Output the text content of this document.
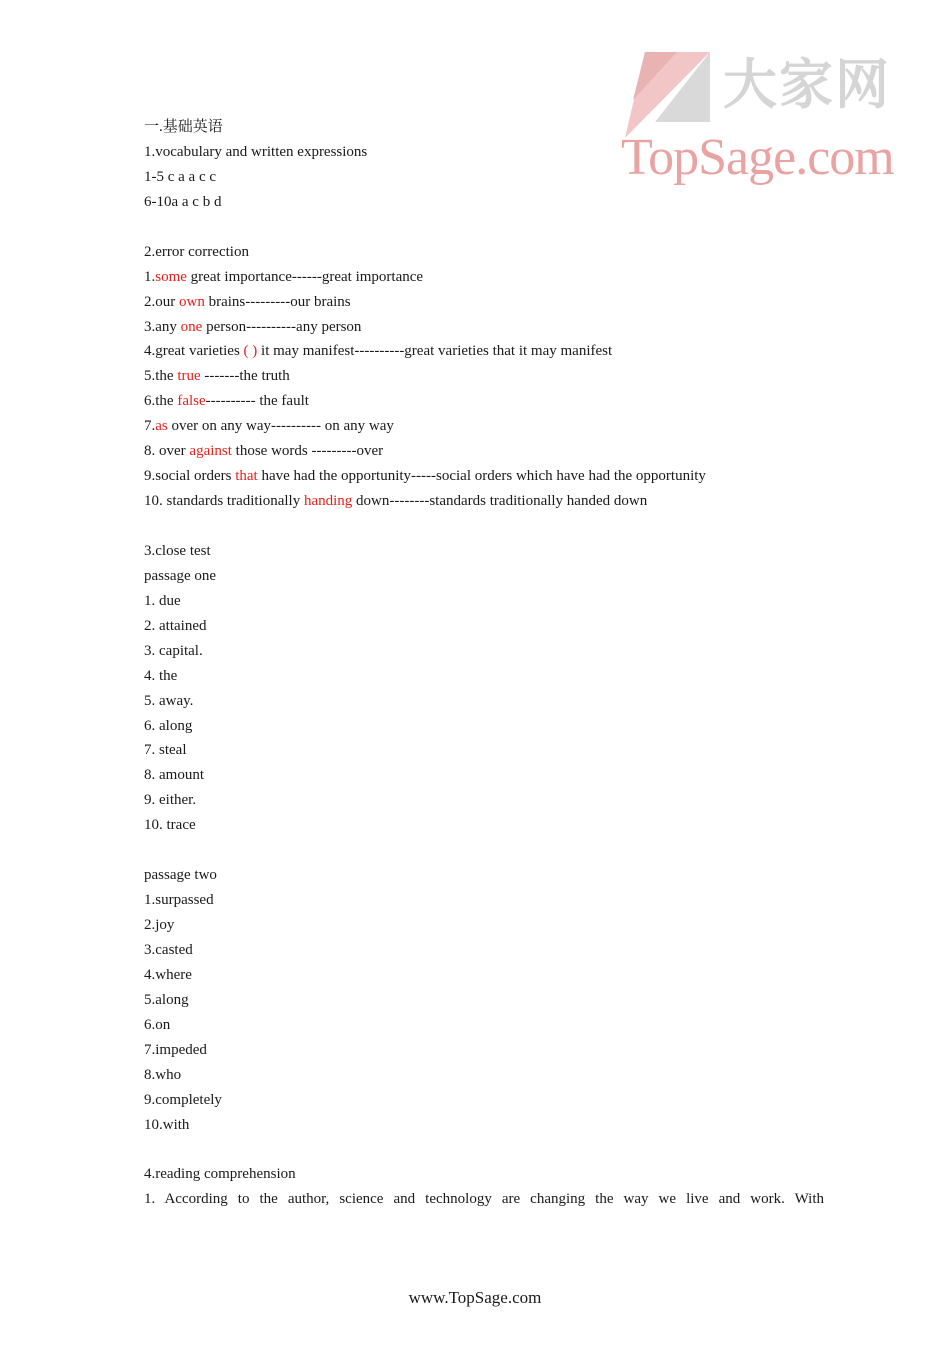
大家网
TopSage.com
一.基础英语
1.vocabulary and written expressions
1-5 c a a c c
6-10a a c b d
2.error correction
1.some great importance------great importance
2.our own brains---------our brains
3.any one person----------any person
4.great varieties ( ) it may manifest----------great varieties that it may manifest
5.the true -------the truth
6.the false---------- the fault
7.as over on any way---------- on any way
8. over against those words ---------over
9.social orders that have had the opportunity-----social orders which have had the opportunity
10. standards traditionally handing down--------standards traditionally handed down
3.close test
passage one
1. due
2. attained
3. capital.
4. the
5. away.
6. along
7. steal
8. amount
9. either.
10. trace
passage two
1.surpassed
2.joy
3.casted
4.where
5.along
6.on
7.impeded
8.who
9.completely
10.with
4.reading comprehension
1. According to the author, science and technology are changing the way we live and work. With
www.TopSage.com
